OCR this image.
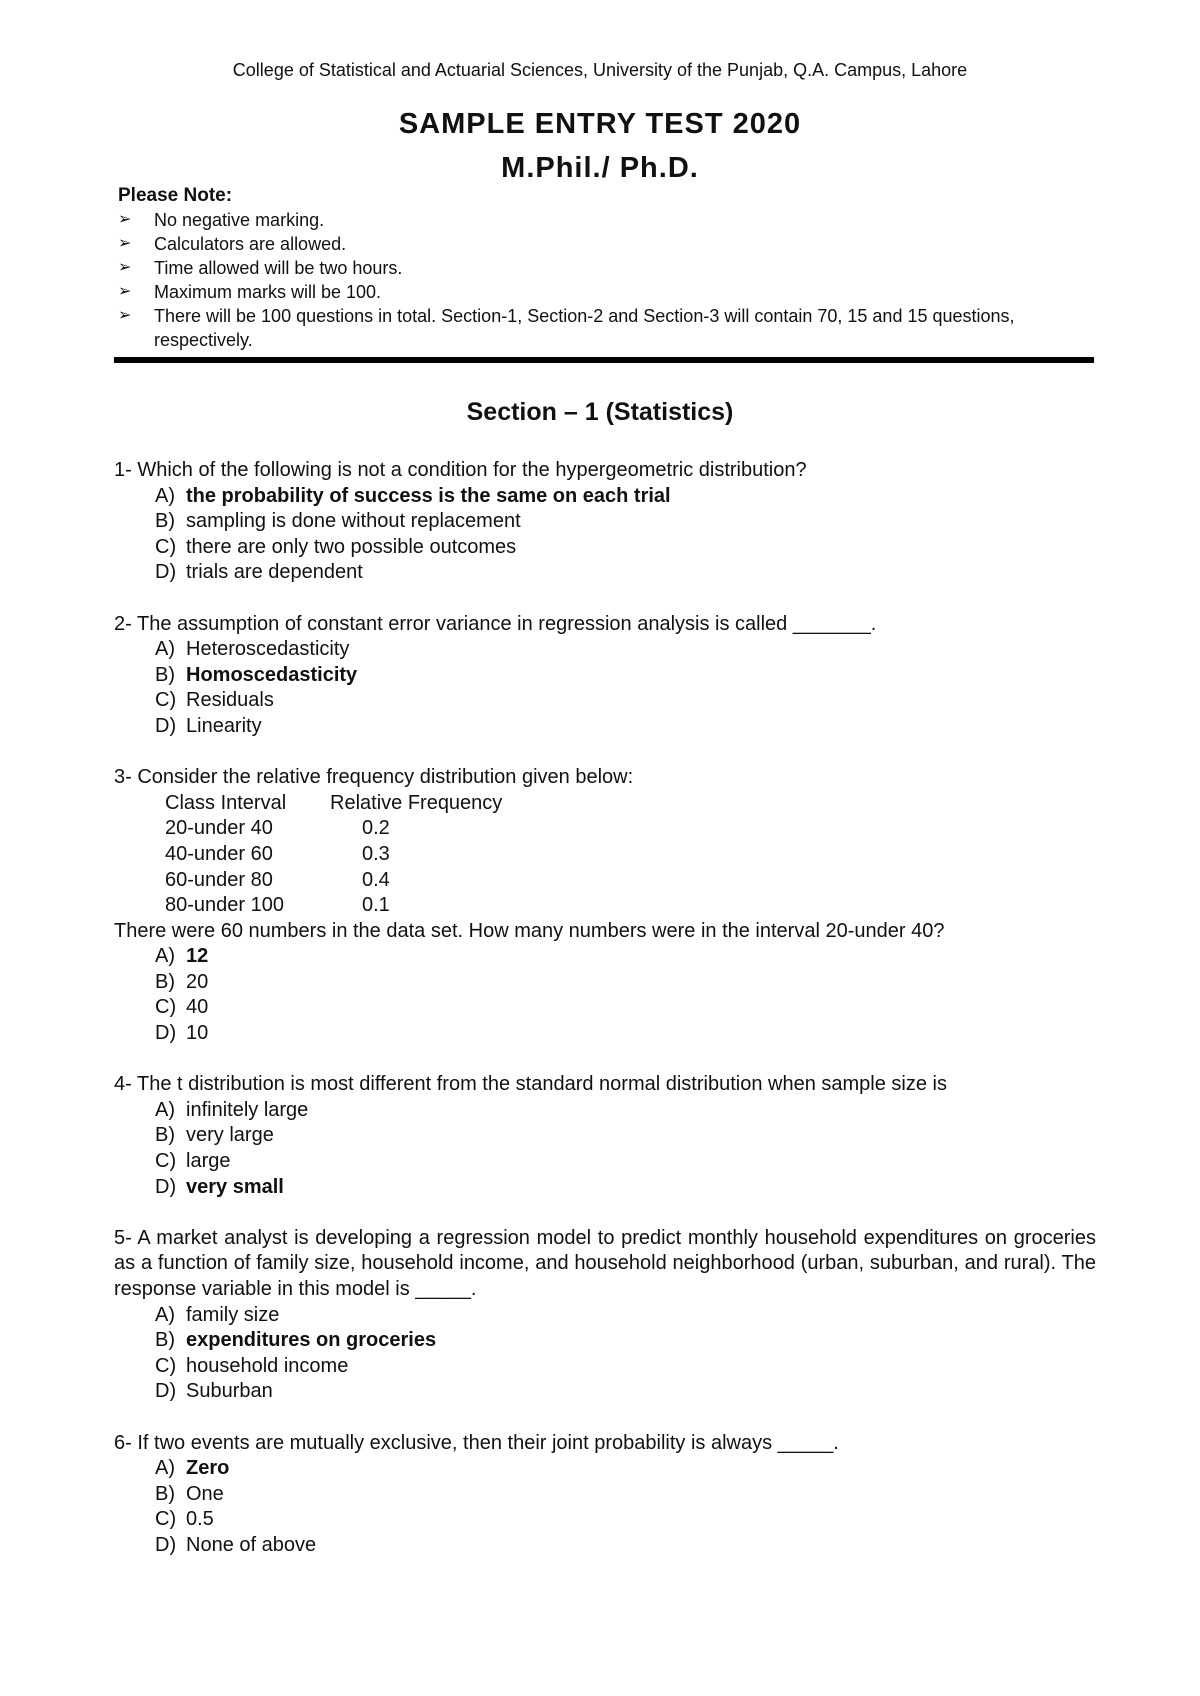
College of Statistical and Actuarial Sciences, University of the Punjab, Q.A. Campus, Lahore
SAMPLE ENTRY TEST 2020
M.Phil./ Ph.D.
Please Note:
➢ No negative marking.
➢ Calculators are allowed.
➢ Time allowed will be two hours.
➢ Maximum marks will be 100.
➢ There will be 100 questions in total. Section-1, Section-2 and Section-3 will contain 70, 15 and 15 questions, respectively.
Section – 1 (Statistics)
1- Which of the following is not a condition for the hypergeometric distribution?
A) the probability of success is the same on each trial
B) sampling is done without replacement
C) there are only two possible outcomes
D) trials are dependent
2- The assumption of constant error variance in regression analysis is called _______.
A) Heteroscedasticity
B) Homoscedasticity
C) Residuals
D) Linearity
3- Consider the relative frequency distribution given below:
Class Interval	Relative Frequency
20-under 40	0.2
40-under 60	0.3
60-under 80	0.4
80-under 100	0.1
There were 60 numbers in the data set. How many numbers were in the interval 20-under 40?
A) 12
B) 20
C) 40
D) 10
4- The t distribution is most different from the standard normal distribution when sample size is
A) infinitely large
B) very large
C) large
D) very small
5- A market analyst is developing a regression model to predict monthly household expenditures on groceries as a function of family size, household income, and household neighborhood (urban, suburban, and rural). The response variable in this model is _____.
A) family size
B) expenditures on groceries
C) household income
D) Suburban
6- If two events are mutually exclusive, then their joint probability is always _____.
A) Zero
B) One
C) 0.5
D) None of above
